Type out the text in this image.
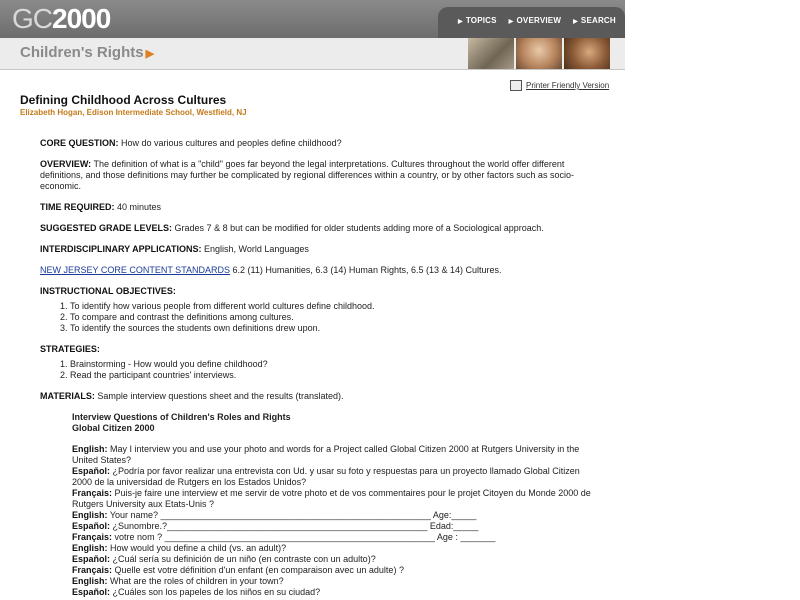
GC2000	▶ TOPICS ▶ OVERVIEW ▶ SEARCH
Children's Rights ▶
Printer Friendly Version
Defining Childhood Across Cultures
Elizabeth Hogan, Edison Intermediate School, Westfield, NJ

CORE QUESTION: How do various cultures and peoples define childhood?

OVERVIEW: The definition of what is a "child" goes far beyond the legal interpretations. Cultures throughout the world offer different definitions, and those definitions may further be complicated by regional differences within a country, or by other factors such as socio-economic.

TIME REQUIRED: 40 minutes

SUGGESTED GRADE LEVELS: Grades 7 & 8 but can be modified for older students adding more of a Sociological approach.

INTERDISCIPLINARY APPLICATIONS: English, World Languages

NEW JERSEY CORE CONTENT STANDARDS 6.2 (11) Humanities, 6.3 (14) Human Rights, 6.5 (13 & 14) Cultures.

INSTRUCTIONAL OBJECTIVES:

1. To identify how various people from different world cultures define childhood.
2. To compare and contrast the definitions among cultures.
3. To identify the sources the students own definitions drew upon.

STRATEGIES:

1. Brainstorming - How would you define childhood?
2. Read the participant countries' interviews.

MATERIALS: Sample interview questions sheet and the results (translated).

Interview Questions of Children's Roles and Rights
Global Citizen 2000

English: May I interview you and use your photo and words for a Project called Global Citizen 2000 at Rutgers University in the United States?

Español: ¿Podría por favor realizar una entrevista con Ud. y usar su foto y respuestas para un proyecto llamado Global Citizen 2000 de la universidad de Rutgers en los Estados Unidos?

Français: Puis-je faire une interview et me servir de votre photo et de vos commentaires pour le projet Citoyen du Monde 2000 de Rutgers University aux Etats-Unis ?

English: Your name? ______________________________________________________ Age:_____

Español: ¿Sunombre.?____________________________________________________ Edad:_____

Français: votre nom ? ______________________________________________________ Age : _______

English: How would you define a child (vs. an adult)?

Español: ¿Cuál sería su definición de un niño (en contraste con un adulto)?

Français: Quelle est votre définition d'un enfant (en comparaison avec un adulte) ?

English: What are the roles of children in your town?

Español: ¿Cuáles son los papeles de los niños en su ciudad?
